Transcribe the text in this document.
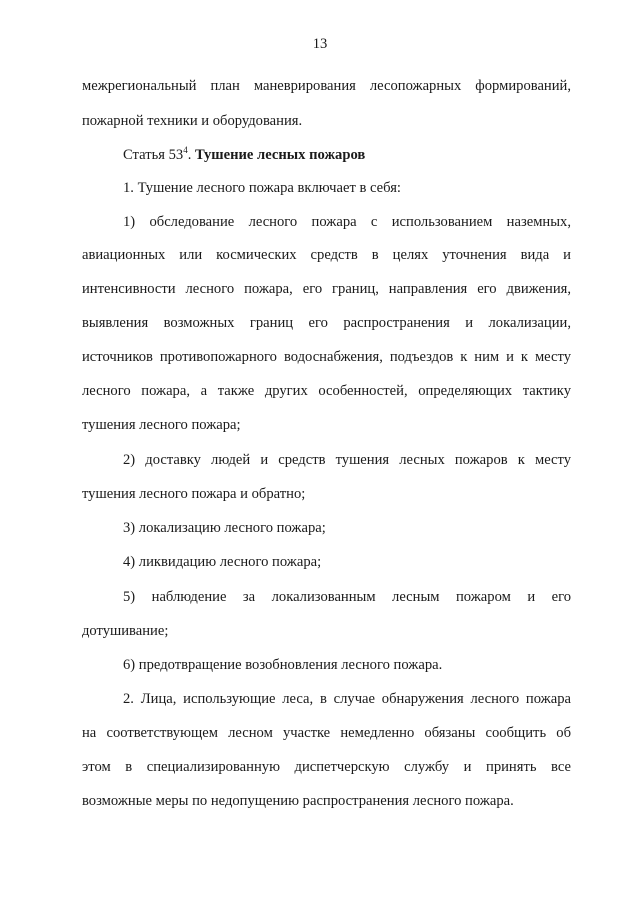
13
межрегиональный план маневрирования лесопожарных формирований,
пожарной техники и оборудования.
Статья $53^4$. Тушение лесных пожаров
1. Тушение лесного пожара включает в себя:
1) обследование лесного пожара с использованием наземных,
авиационных или космических средств в целях уточнения вида и
интенсивности лесного пожара, его границ, направления его движения,
выявления возможных границ его распространения и локализации,
источников противопожарного водоснабжения, подъездов к ним и к месту
лесного пожара, а также других особенностей, определяющих тактику
тушения лесного пожара;
2) доставку людей и средств тушения лесных пожаров к месту
тушения лесного пожара и обратно;
3) локализацию лесного пожара;
4) ликвидацию лесного пожара;
5) наблюдение за локализованным лесным пожаром и его
дотушивание;
6) предотвращение возобновления лесного пожара.
2. Лица, использующие леса, в случае обнаружения лесного пожара
на соответствующем лесном участке немедленно обязаны сообщить об
этом в специализированную диспетчерскую службу и принять все
возможные меры по недопущению распространения лесного пожара.
